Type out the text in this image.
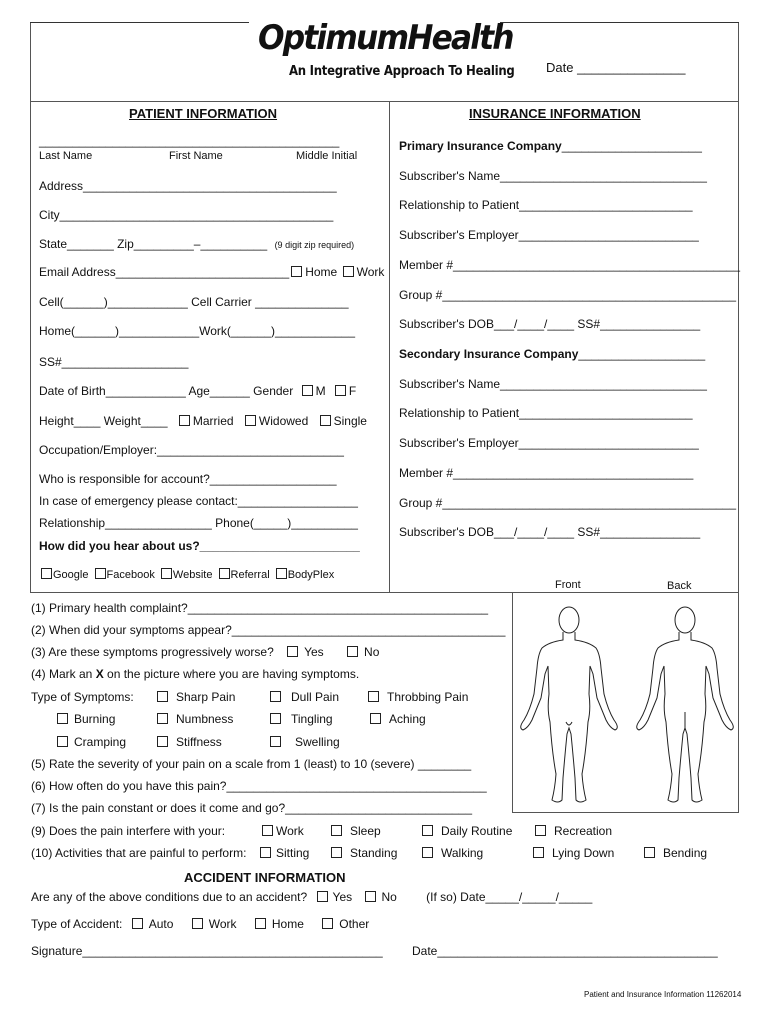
OptimumHealth
An Integrative Approach To Healing Date _______________
PATIENT INFORMATION
_____________________________________________
Last Name	First Name	Middle Initial
Address______________________________________
City_________________________________________
State_______ Zip_________–__________ (9 digit zip required)
Email Address__________________________ Home Work
Cell(______)____________ Cell Carrier ______________
Home(______)____________Work(______)____________
SS#___________________
Date of Birth____________ Age______ Gender M F
Height____ Weight____ Married Widowed Single
Occupation/Employer:____________________________
Who is responsible for account?___________________
In case of emergency please contact:__________________
Relationship________________ Phone(_____)__________
How did you hear about us?________________________
Google Facebook Website Referral BodyPlex
INSURANCE INFORMATION
Primary Insurance Company_____________________
Subscriber's Name_______________________________
Relationship to Patient__________________________
Subscriber's Employer___________________________
Member #___________________________________________
Group #____________________________________________
Subscriber's DOB___/____/____ SS#_______________
Secondary Insurance Company___________________
Subscriber's Name_______________________________
Relationship to Patient__________________________
Subscriber's Employer___________________________
Member #____________________________________
Group #____________________________________________
Subscriber's DOB___/____/____ SS#_______________
Front	Back
(1) Primary health complaint?_____________________________________________
(2) When did your symptoms appear?_________________________________________
(3) Are these symptoms progressively worse?	Yes	No
(4) Mark an X on the picture where you are having symptoms.
Type of Symptoms:	Sharp Pain	Dull Pain	Throbbing Pain
Burning	Numbness	Tingling	Aching
Cramping	Stiffness	Swelling
(5) Rate the severity of your pain on a scale from 1 (least) to 10 (severe) ________
(6) How often do you have this pain?_______________________________________
(7) Is the pain constant or does it come and go?____________________________
(9) Does the pain interfere with your:	Work	Sleep	Daily Routine	Recreation
(10) Activities that are painful to perform:	Sitting	Standing	Walking	Lying Down	Bending
ACCIDENT INFORMATION
Are any of the above conditions due to an accident? Yes No (If so) Date_____/_____/_____
Type of Accident: Auto	Work	Home	Other
Signature_____________________________________________ Date__________________________________________
Patient and Insurance Information 11262014
